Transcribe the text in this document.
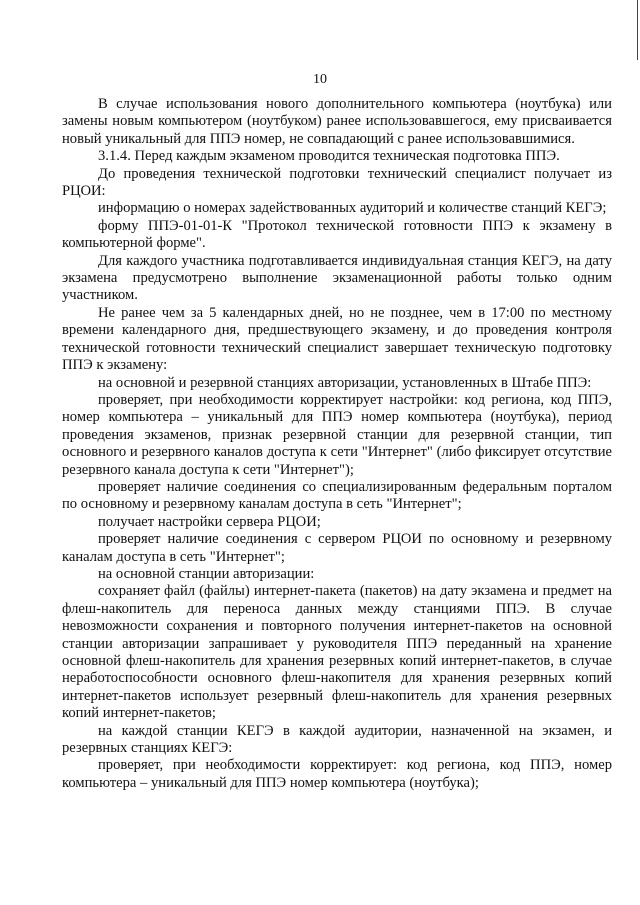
10

В случае использования нового дополнительного компьютера (ноутбука) или замены новым компьютером (ноутбуком) ранее использовавшегося, ему присваивается новый уникальный для ППЭ номер, не совпадающий с ранее использовавшимися.

3.1.4. Перед каждым экзаменом проводится техническая подготовка ППЭ.

До проведения технической подготовки технический специалист получает из РЦОИ:

информацию о номерах задействованных аудиторий и количестве станций КЕГЭ;

форму ППЭ-01-01-К "Протокол технической готовности ППЭ к экзамену в компьютерной форме".

Для каждого участника подготавливается индивидуальная станция КЕГЭ, на дату экзамена предусмотрено выполнение экзаменационной работы только одним участником.

Не ранее чем за 5 календарных дней, но не позднее, чем в 17:00 по местному времени календарного дня, предшествующего экзамену, и до проведения контроля технической готовности технический специалист завершает техническую подготовку ППЭ к экзамену:

на основной и резервной станциях авторизации, установленных в Штабе ППЭ:

проверяет, при необходимости корректирует настройки: код региона, код ППЭ, номер компьютера – уникальный для ППЭ номер компьютера (ноутбука), период проведения экзаменов, признак резервной станции для резервной станции, тип основного и резервного каналов доступа к сети "Интернет" (либо фиксирует отсутствие резервного канала доступа к сети "Интернет");

проверяет наличие соединения со специализированным федеральным порталом по основному и резервному каналам доступа в сеть "Интернет";

получает настройки сервера РЦОИ;

проверяет наличие соединения с сервером РЦОИ по основному и резервному каналам доступа в сеть "Интернет";

на основной станции авторизации:

сохраняет файл (файлы) интернет-пакета (пакетов) на дату экзамена и предмет на флеш-накопитель для переноса данных между станциями ППЭ. В случае невозможности сохранения и повторного получения интернет-пакетов на основной станции авторизации запрашивает у руководителя ППЭ переданный на хранение основной флеш-накопитель для хранения резервных копий интернет-пакетов, в случае неработоспособности основного флеш-накопителя для хранения резервных копий интернет-пакетов использует резервный флеш-накопитель для хранения резервных копий интернет-пакетов;

на каждой станции КЕГЭ в каждой аудитории, назначенной на экзамен, и резервных станциях КЕГЭ:

проверяет, при необходимости корректирует: код региона, код ППЭ, номер компьютера – уникальный для ППЭ номер компьютера (ноутбука);
